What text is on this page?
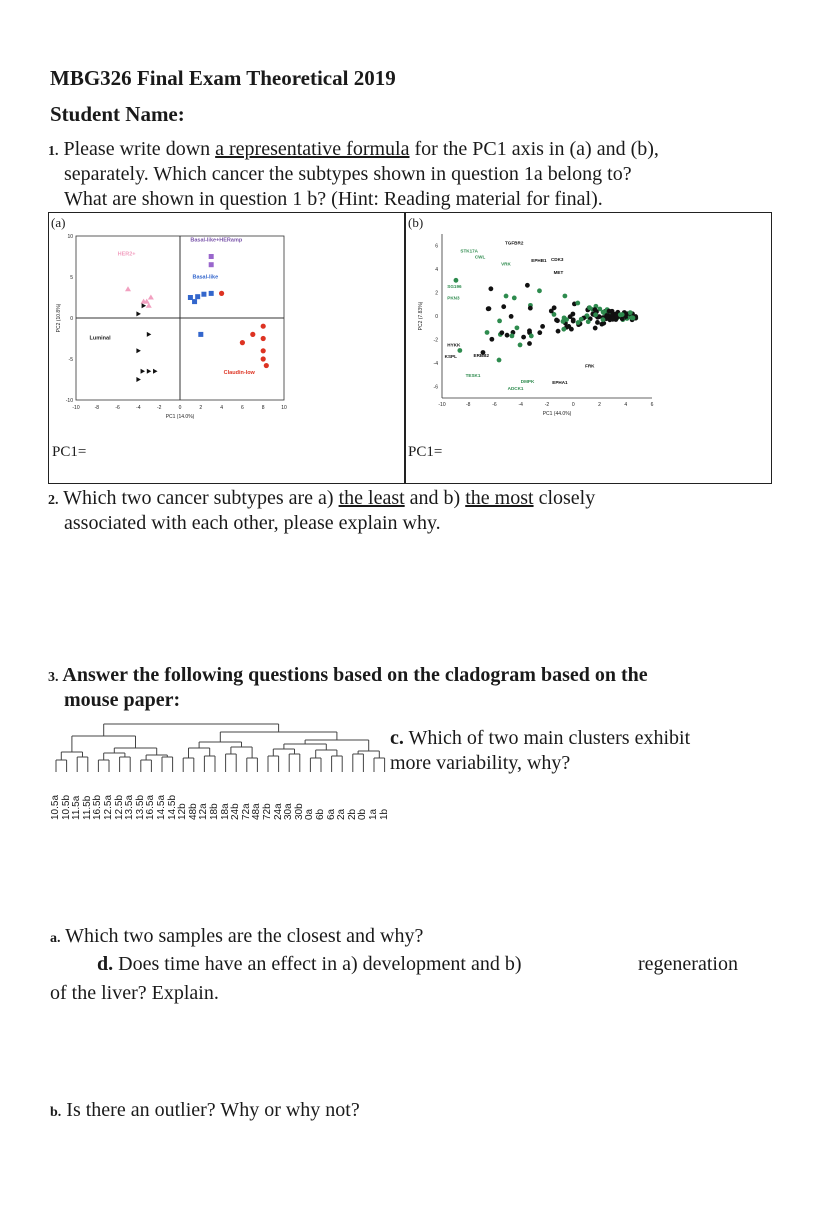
MBG326 Final Exam Theoretical 2019
Student Name:
1. Please write down a representative formula for the PC1 axis in (a) and (b),
separately. Which cancer the subtypes shown in question 1a belong to?
What are shown in question 1 b? (Hint: Reading material for final).
(a)	(b)
PC1=	PC1=
-10	-8	-6	-4	-2	0	2	4	6	8	10
10
5
0
-5
-10
PC1 (14.0%)
PC2 (10.8%)
HER2+
Basal-like+HERamp
Basal-like
Luminal
Claudin-low
-10	-8	-6	-4	-2	0	2	4	6
6
4
2
0
-2
-4
-6
PC1 (44.0%)
PC2 (7.83%)
STK17A
CWL
TGFBR2
EPHB1 CDK3
VRK
MET
SG196
PKN3
HYKK
KSPL	ERBB2
TESK1
DMPK
ADCK1
EPHA1
FRK
2. Which two cancer subtypes are a) the least and b) the most closely
associated with each other, please explain why.
3. Answer the following questions based on the cladogram based on the
mouse paper:
10.5a 10.5b 11.5a 11.5b 16.5b 12.5a 12.5b 13.5a 13.5b 16.5a 14.5a 14.5b 12b 48b 12a 18b 18a 24b 72a 48a 72b 24a 30a 30b 0a 6b 6a 2a 2b 0b 1a 1b
c. Which of two main clusters exhibit
more variability, why?
a. Which two samples are the closest and why?
d. Does time have an effect in a) development and b)	regeneration
of the liver? Explain.
b. Is there an outlier? Why or why not?
